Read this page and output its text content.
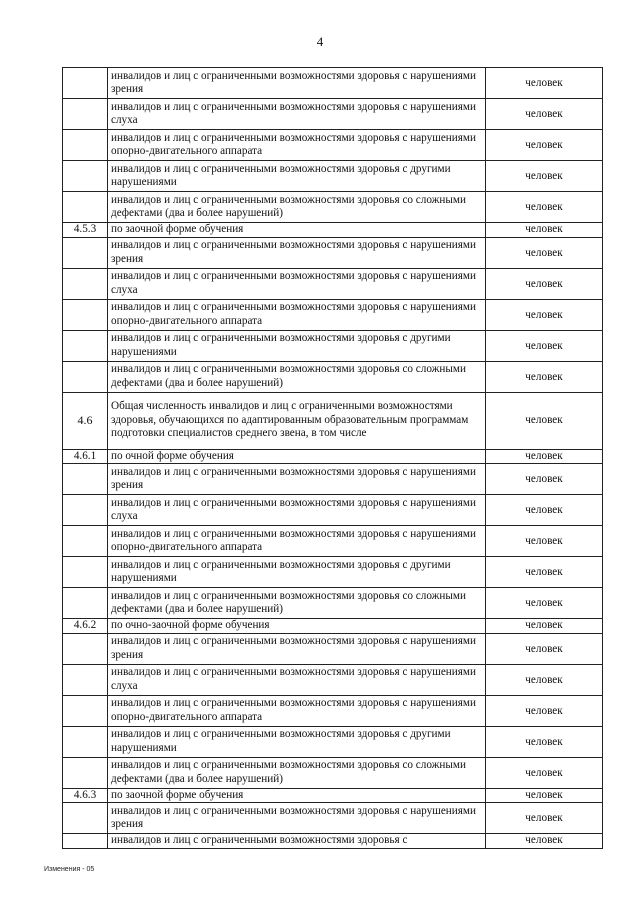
4
	инвалидов и лиц с ограниченными возможностями здоровья с нарушениями зрения	человек
	инвалидов и лиц с ограниченными возможностями здоровья с нарушениями слуха	человек
	инвалидов и лиц с ограниченными возможностями здоровья с нарушениями опорно-двигательного аппарата	человек
	инвалидов и лиц с ограниченными возможностями здоровья с другими нарушениями	человек
	инвалидов и лиц с ограниченными возможностями здоровья со сложными дефектами (два и более нарушений)	человек
4.5.3	по заочной форме обучения	человек
	инвалидов и лиц с ограниченными возможностями здоровья с нарушениями зрения	человек
	инвалидов и лиц с ограниченными возможностями здоровья с нарушениями слуха	человек
	инвалидов и лиц с ограниченными возможностями здоровья с нарушениями опорно-двигательного аппарата	человек
	инвалидов и лиц с ограниченными возможностями здоровья с другими нарушениями	человек
	инвалидов и лиц с ограниченными возможностями здоровья со сложными дефектами (два и более нарушений)	человек
4.6	Общая численность инвалидов и лиц с ограниченными возможностями здоровья, обучающихся по адаптированным образовательным программам подготовки специалистов среднего звена, в том числе	человек
4.6.1	по очной форме обучения	человек
	инвалидов и лиц с ограниченными возможностями здоровья с нарушениями зрения	человек
	инвалидов и лиц с ограниченными возможностями здоровья с нарушениями слуха	человек
	инвалидов и лиц с ограниченными возможностями здоровья с нарушениями опорно-двигательного аппарата	человек
	инвалидов и лиц с ограниченными возможностями здоровья с другими нарушениями	человек
	инвалидов и лиц с ограниченными возможностями здоровья со сложными дефектами (два и более нарушений)	человек
4.6.2	по очно-заочной форме обучения	человек
	инвалидов и лиц с ограниченными возможностями здоровья с нарушениями зрения	человек
	инвалидов и лиц с ограниченными возможностями здоровья с нарушениями слуха	человек
	инвалидов и лиц с ограниченными возможностями здоровья с нарушениями опорно-двигательного аппарата	человек
	инвалидов и лиц с ограниченными возможностями здоровья с другими нарушениями	человек
	инвалидов и лиц с ограниченными возможностями здоровья со сложными дефектами (два и более нарушений)	человек
4.6.3	по заочной форме обучения	человек
	инвалидов и лиц с ограниченными возможностями здоровья с нарушениями зрения	человек
	инвалидов и лиц с ограниченными возможностями здоровья с	человек
Изменения - 05
